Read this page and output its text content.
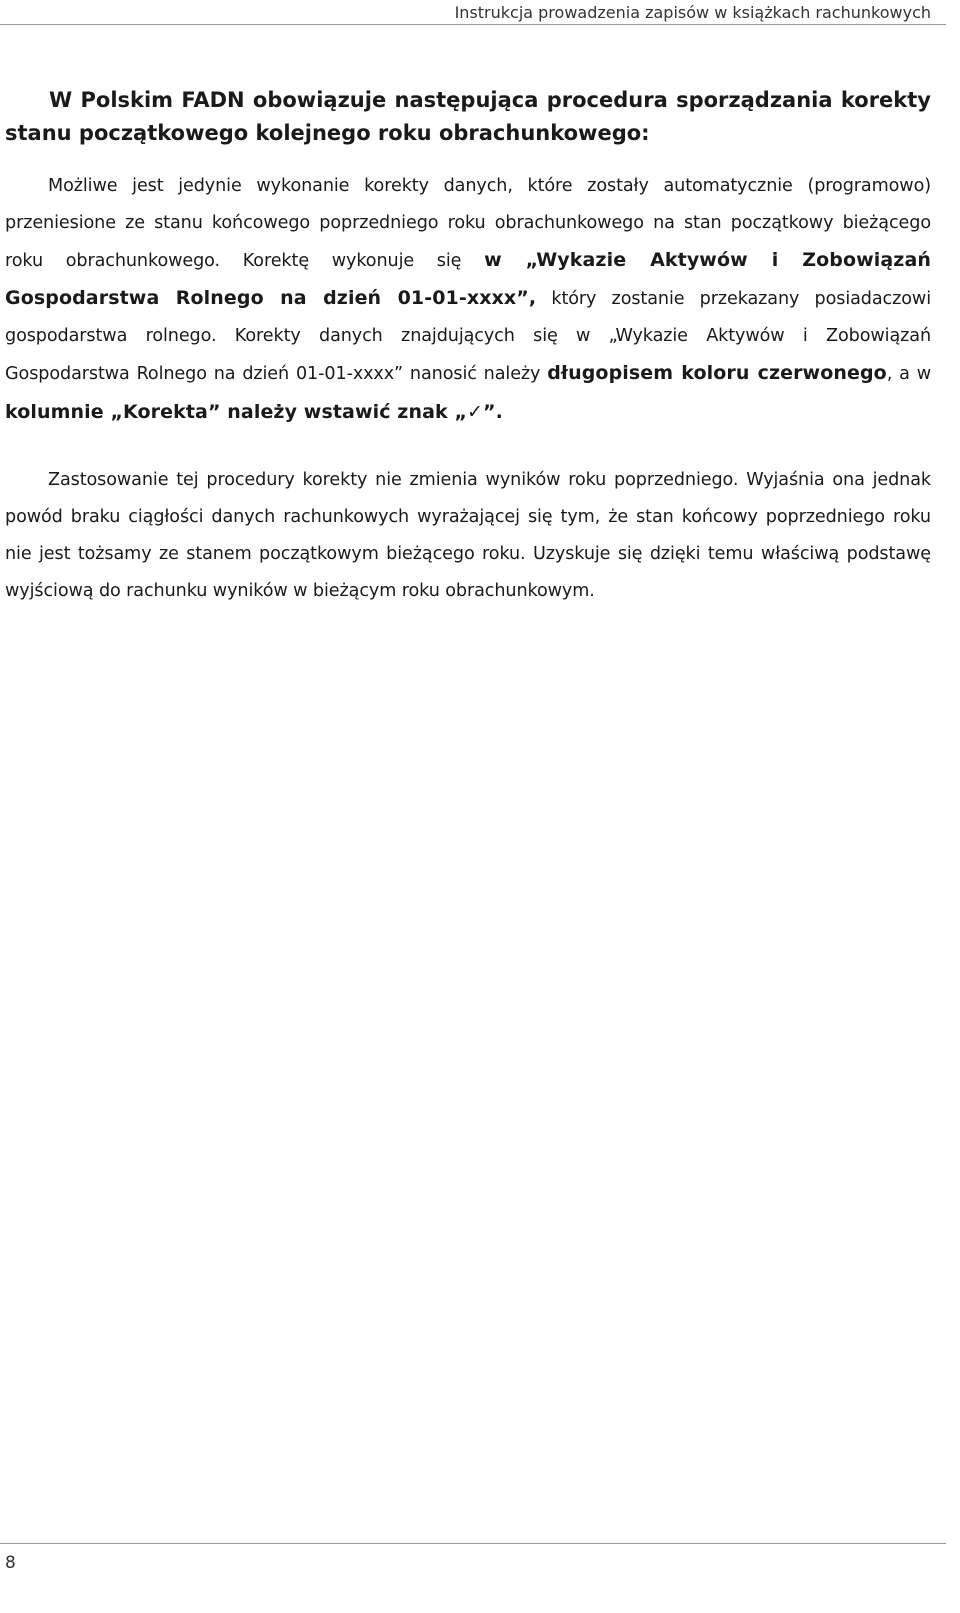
Instrukcja prowadzenia zapisów w książkach rachunkowych
W Polskim FADN obowiązuje następująca procedura sporządzania korekty stanu początkowego kolejnego roku obrachunkowego:

Możliwe jest jedynie wykonanie korekty danych, które zostały automatycznie (programowo) przeniesione ze stanu końcowego poprzedniego roku obrachunkowego na stan początkowy bieżącego roku obrachunkowego. Korektę wykonuje się w „Wykazie Aktywów i Zobowiązań Gospodarstwa Rolnego na dzień 01-01-xxxx”, który zostanie przekazany posiadaczowi gospodarstwa rolnego. Korekty danych znajdujących się w „Wykazie Aktywów i Zobowiązań Gospodarstwa Rolnego na dzień 01-01-xxxx” nanosić należy długopisem koloru czerwonego, a w kolumnie „Korekta” należy wstawić znak „✓”.

Zastosowanie tej procedury korekty nie zmienia wyników roku poprzedniego. Wyjaśnia ona jednak powód braku ciągłości danych rachunkowych wyrażającej się tym, że stan końcowy poprzedniego roku nie jest tożsamy ze stanem początkowym bieżącego roku. Uzyskuje się dzięki temu właściwą podstawę wyjściową do rachunku wyników w bieżącym roku obrachunkowym.

8
